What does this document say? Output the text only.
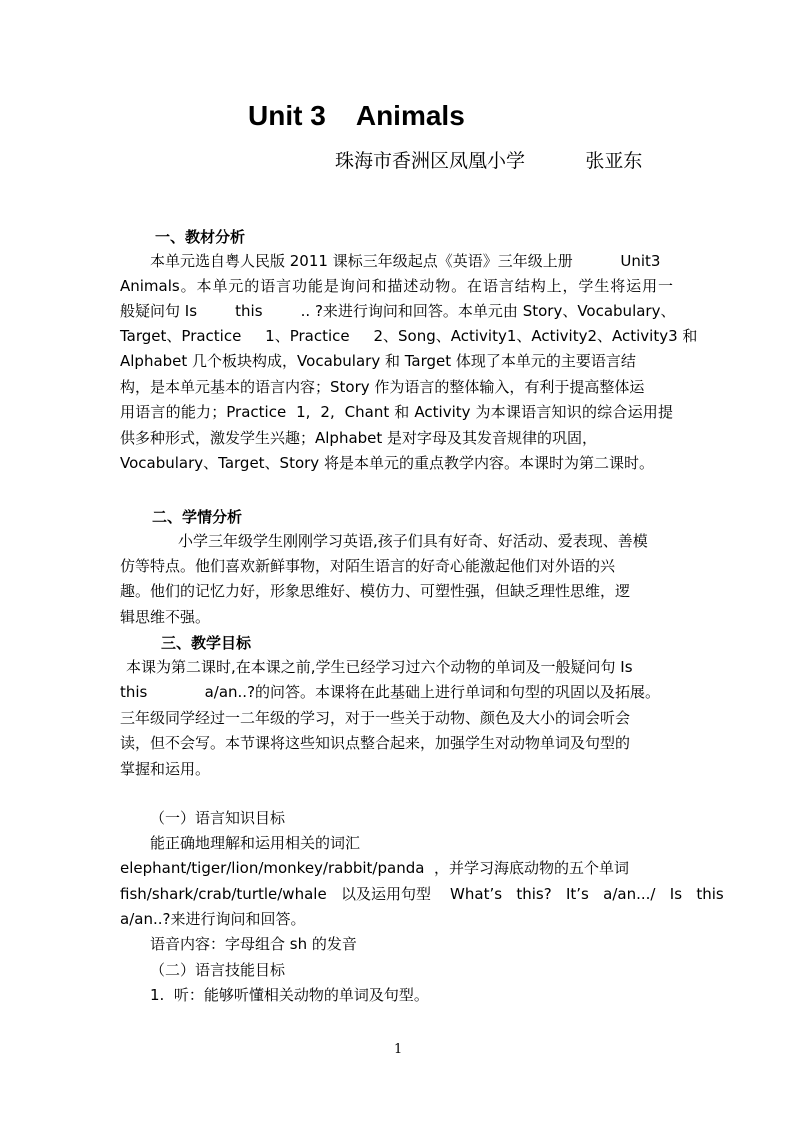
Unit 3    Animals
珠海市香洲区凤凰小学          张亚东
一、教材分析
本单元选自粤人民版 2011 课标三年级起点《英语》三年级上册          Unit3
Animals。本单元的语言功能是询问和描述动物。在语言结构上，学生将运用一
般疑问句 Is        this        .. ?来进行询问和回答。本单元由 Story、Vocabulary、
Target、Practice     1、Practice     2、Song、Activity1、Activity2、Activity3 和
Alphabet 几个板块构成，Vocabulary 和 Target 体现了本单元的主要语言结
构，是本单元基本的语言内容；Story 作为语言的整体输入，有利于提高整体运
用语言的能力；Practice  1,  2,  Chant 和 Activity 为本课语言知识的综合运用提
供多种形式，激发学生兴趣；Alphabet 是对字母及其发音规律的巩固，
Vocabulary、Target、Story 将是本单元的重点教学内容。本课时为第二课时。
二、学情分析
小学三年级学生刚刚学习英语,孩子们具有好奇、好活动、爱表现、善模
仿等特点。他们喜欢新鲜事物，对陌生语言的好奇心能激起他们对外语的兴
趣。他们的记忆力好，形象思维好、模仿力、可塑性强，但缺乏理性思维，逻
辑思维不强。
三、教学目标
本课为第二课时,在本课之前,学生已经学习过六个动物的单词及一般疑问句 Is
this            a/an..?的问答。本课将在此基础上进行单词和句型的巩固以及拓展。
三年级同学经过一二年级的学习，对于一些关于动物、颜色及大小的词会听会
读，但不会写。本节课将这些知识点整合起来，加强学生对动物单词及句型的
掌握和运用。
（一）语言知识目标
能正确地理解和运用相关的词汇
elephant/tiger/lion/monkey/rabbit/panda  ，并学习海底动物的五个单词
fish/shark/crab/turtle/whale   以及运用句型    What’s   this?   It’s   a/an.../   Is   this
a/an..?来进行询问和回答。
语音内容：字母组合 sh 的发音
（二）语言技能目标
1.  听：能够听懂相关动物的单词及句型。
1
